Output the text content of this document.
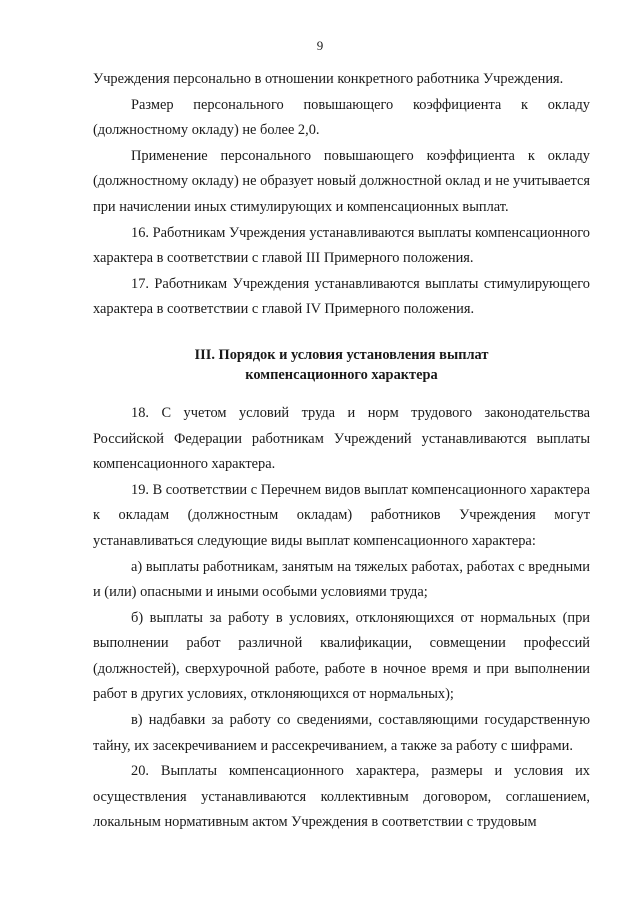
9

Учреждения персонально в отношении конкретного работника Учреждения.

Размер персонального повышающего коэффициента к окладу (должностному окладу) не более 2,0.

Применение персонального повышающего коэффициента к окладу (должностному окладу) не образует новый должностной оклад и не учитывается при начислении иных стимулирующих и компенсационных выплат.

16. Работникам Учреждения устанавливаются выплаты компенсационного характера в соответствии с главой III Примерного положения.

17. Работникам Учреждения устанавливаются выплаты стимулирующего характера в соответствии с главой IV Примерного положения.

III. Порядок и условия установления выплат

компенсационного характера

18. С учетом условий труда и норм трудового законодательства Российской Федерации работникам Учреждений устанавливаются выплаты компенсационного характера.

19. В соответствии с Перечнем видов выплат компенсационного характера к окладам (должностным окладам) работников Учреждения могут устанавливаться следующие виды выплат компенсационного характера:

а) выплаты работникам, занятым на тяжелых работах, работах с вредными и (или) опасными и иными особыми условиями труда;

б) выплаты за работу в условиях, отклоняющихся от нормальных (при выполнении работ различной квалификации, совмещении профессий (должностей), сверхурочной работе, работе в ночное время и при выполнении работ в других условиях, отклоняющихся от нормальных);

в) надбавки за работу со сведениями, составляющими государственную тайну, их засекречиванием и рассекречиванием, а также за работу с шифрами.

20. Выплаты компенсационного характера, размеры и условия их осуществления устанавливаются коллективным договором, соглашением, локальным нормативным актом Учреждения в соответствии с трудовым
